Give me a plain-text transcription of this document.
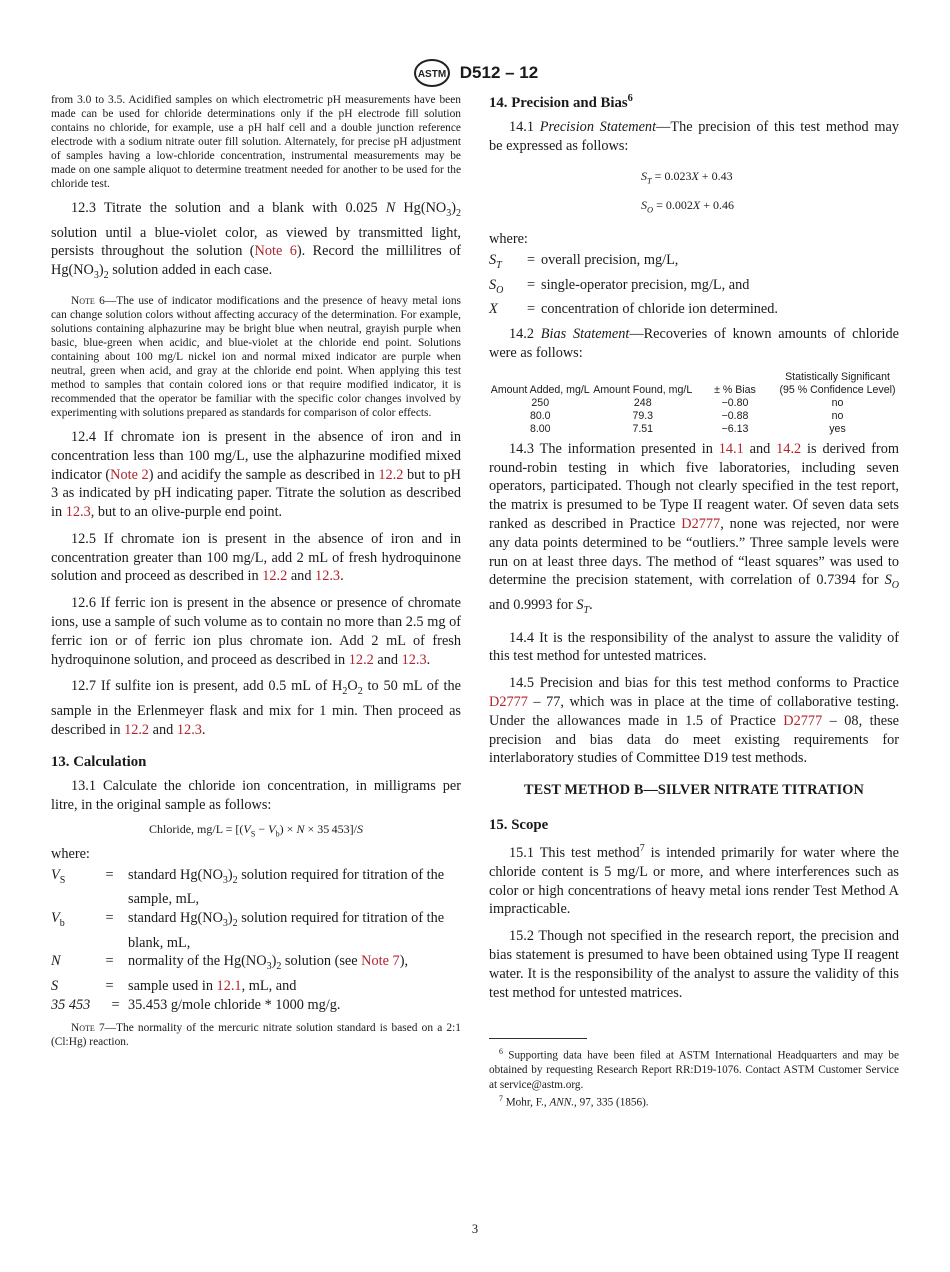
ASTM D512 – 12

from 3.0 to 3.5. Acidified samples on which electrometric pH measurements have been made can be used for chloride determinations only if the pH electrode fill solution contains no chloride, for example, use a pH half cell and a double junction reference electrode with a sodium nitrate outer fill solution. Alternately, for precise pH adjustment of samples having a low-chloride concentration, instrumental measurements may be made on one sample aliquot to determine treatment needed for another to be used for the chloride test.

12.3 Titrate the solution and a blank with 0.025 N $Hg(NO_3)_2$ solution until a blue-violet color, as viewed by transmitted light, persists throughout the solution (Note 6). Record the millilitres of $Hg(NO_3)_2$ solution added in each case.

Note 6—The use of indicator modifications and the presence of heavy metal ions can change solution colors without affecting accuracy of the determination. For example, solutions containing alphazurine may be bright blue when neutral, grayish purple when basic, blue-green when acidic, and blue-violet at the chloride end point. Solutions containing about 100 mg/L nickel ion and normal mixed indicator are purple when neutral, green when acid, and gray at the chloride end point. When applying this test method to samples that contain colored ions or that require modified indicator, it is recommended that the operator be familiar with the specific color changes involved by experimenting with solutions prepared as standards for comparison of color effects.

12.4 If chromate ion is present in the absence of iron and in concentration less than 100 mg/L, use the alphazurine modified mixed indicator (Note 2) and acidify the sample as described in 12.2 but to pH 3 as indicated by pH indicating paper. Titrate the solution as described in 12.3, but to an olive-purple end point.

12.5 If chromate ion is present in the absence of iron and in concentration greater than 100 mg/L, add 2 mL of fresh hydroquinone solution and proceed as described in 12.2 and 12.3.

12.6 If ferric ion is present in the absence or presence of chromate ions, use a sample of such volume as to contain no more than 2.5 mg of ferric ion or of ferric ion plus chromate ion. Add 2 mL of fresh hydroquinone solution, and proceed as described in 12.2 and 12.3.

12.7 If sulfite ion is present, add 0.5 mL of $H_2O_2$ to 50 mL of the sample in the Erlenmeyer flask and mix for 1 min. Then proceed as described in 12.2 and 12.3.

13. Calculation

13.1 Calculate the chloride ion concentration, in milligrams per litre, in the original sample as follows:

Chloride, $mg/L = [(V_S - V_b) \times N \times 35$ 453]/S
where:
$V_S$	=	standard $Hg(NO_3)_2$ solution required for titration of the sample, mL,
$V_b$	=	standard $Hg(NO_3)_2$ solution required for titration of the blank, mL,
N	=	normality of the $Hg(NO_3)_2$ solution (see Note 7),
S	=	sample used in 12.1, mL, and
35 453	= 35.453 g/mole chloride * 1000 mg/g.

Note 7—The normality of the mercuric nitrate solution standard is based on a 2:1 (Cl:Hg) reaction.

14. Precision and Bias$^6$

14.1 Precision Statement—The precision of this test method may be expressed as follows:

$S_T = 0.023X + 0.43$
$S_O = 0.002X + 0.46$
where:
$S_T$	= overall precision, mg/L,
$S_O$	= single-operator precision, mg/L, and
X	= concentration of chloride ion determined.

14.2 Bias Statement—Recoveries of known amounts of chloride were as follows:

Amount Added, mg/L	Amount Found, mg/L	± % Bias	Statistically Significant (95 % Confidence Level)
250	248	−0.80	no
80.0	79.3	−0.88	no
8.00	7.51	−6.13	yes

14.3 The information presented in 14.1 and 14.2 is derived from round-robin testing in which five laboratories, including seven operators, participated. Though not clearly specified in the test report, the matrix is presumed to be Type II reagent water. Of seven data sets ranked as described in Practice D2777, none was rejected, nor were any data points determined to be “outliers.” Three sample levels were run on at least three days. The method of “least squares” was used to determine the precision statement, with correlation of 0.7394 for $S_O$ and 0.9993 for $S_T$.

14.4 It is the responsibility of the analyst to assure the validity of this test method for untested matrices.

14.5 Precision and bias for this test method conforms to Practice D2777 – 77, which was in place at the time of collaborative testing. Under the allowances made in 1.5 of Practice D2777 – 08, these precision and bias data do meet existing requirements for interlaboratory studies of Committee D19 test methods.

TEST METHOD B—SILVER NITRATE TITRATION
15. Scope

15.1 This test method$^7$ is intended primarily for water where the chloride content is 5 mg/L or more, and where interferences such as color or high concentrations of heavy metal ions render Test Method A impracticable.

15.2 Though not specified in the research report, the precision and bias statement is presumed to have been obtained using Type II reagent water. It is the responsibility of the analyst to assure the validity of this test method for untested matrices.

$^6$ Supporting data have been filed at ASTM International Headquarters and may be obtained by requesting Research Report RR:D19-1076. Contact ASTM Customer Service at service@astm.org.

$^7$ Mohr, F., ANN., 97, 335 (1856).

3
